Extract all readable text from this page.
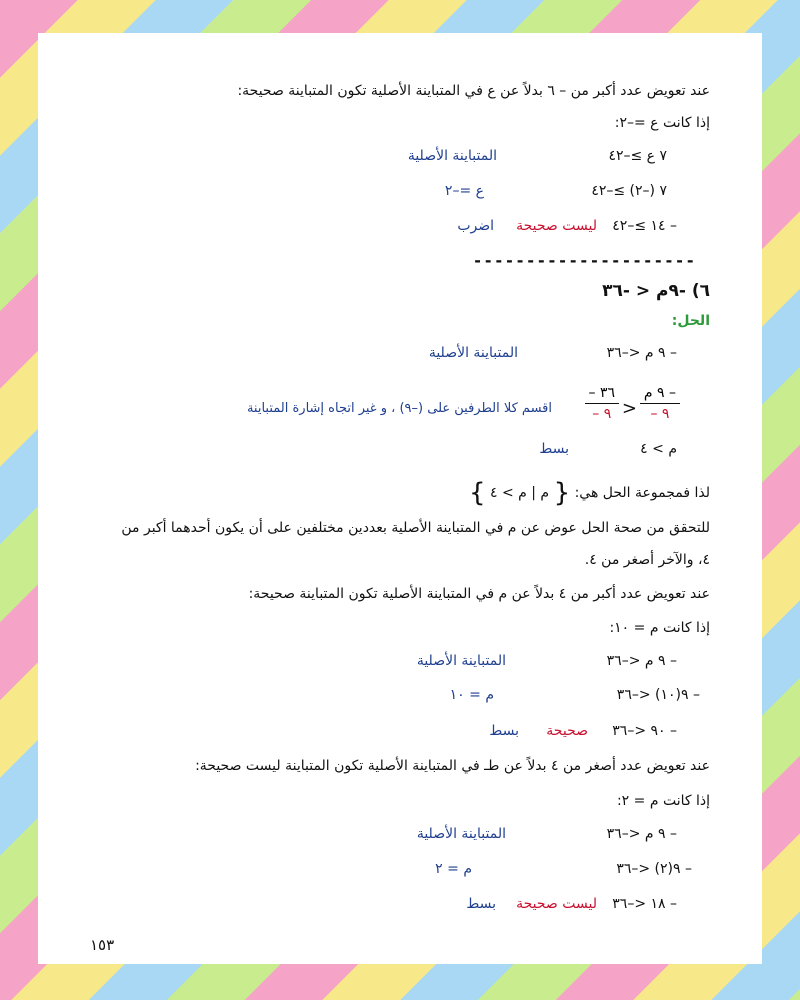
عند تعويض عدد أكبر من – ٦ بدلاً عن ع في المتباينة الأصلية تكون المتباينة صحيحة:
إذا كانت ع =–٢:
٧ ع ≥–٤٢
المتباينة الأصلية
٧ (–٢) ≥–٤٢
ع =–٢
– ١٤ ≥–٤٢
ليست صحيحة
اضرب
---------------------
٦) -٩م < -٣٦
الحل:
– ٩ م <–٣٦
المتباينة الأصلية
– ٩ م
٩ –
<
٣٦ –
٩ –
اقسم كلا الطرفين على (–٩) ، و غير اتجاه إشارة المتباينة
م > ٤
بسط
لذا فمجموعة الحل هي: { م | م > ٤ }
للتحقق من صحة الحل عوض عن م في المتباينة الأصلية بعددين مختلفين على أن يكون أحدهما أكبر من
٤، والآخر أصغر من ٤.
عند تعويض عدد أكبر من ٤ بدلاً عن م في المتباينة الأصلية تكون المتباينة صحيحة:
إذا كانت م = ١٠:
– ٩ م <–٣٦
المتباينة الأصلية
– ٩(١٠) <–٣٦
م = ١٠
– ٩٠ <–٣٦
صحيحة
بسط
عند تعويض عدد أصغر من ٤ بدلاً عن طـ في المتباينة الأصلية تكون المتباينة ليست صحيحة:
إذا كانت م = ٢:
– ٩ م <–٣٦
المتباينة الأصلية
– ٩(٢) <–٣٦
م = ٢
– ١٨ <–٣٦
ليست صحيحة
بسط
١٥٣
